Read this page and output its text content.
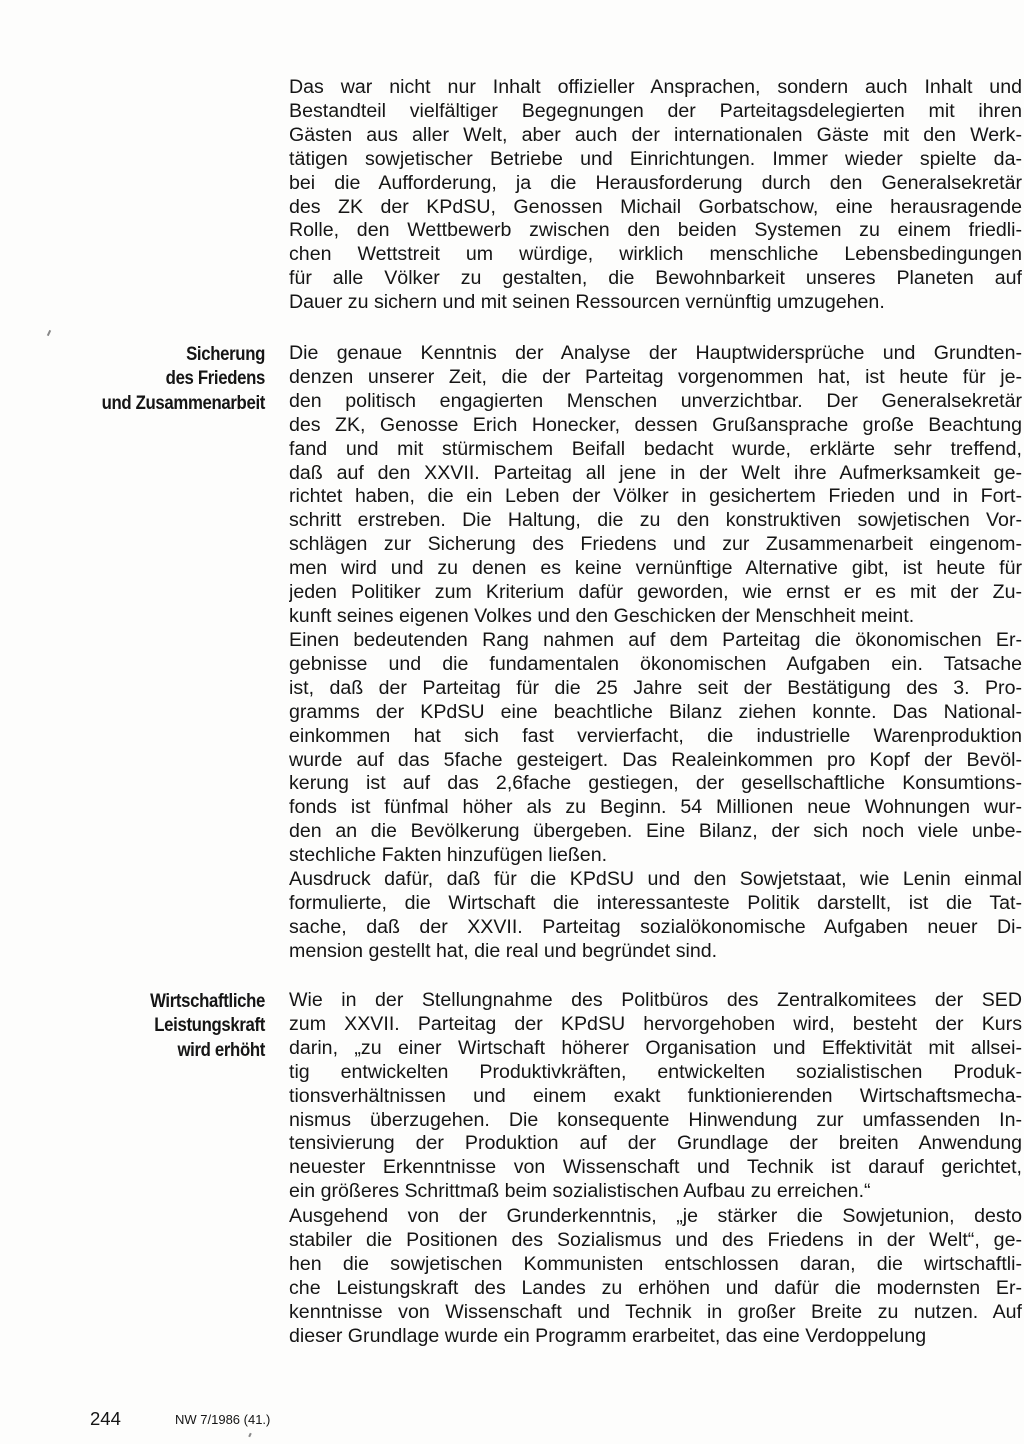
Das war nicht nur Inhalt offizieller Ansprachen, sondern auch Inhalt und
Bestandteil vielfältiger Begegnungen der Parteitagsdelegierten mit ihren
Gästen aus aller Welt, aber auch der internationalen Gäste mit den Werk-
tätigen sowjetischer Betriebe und Einrichtungen. Immer wieder spielte da-
bei die Aufforderung, ja die Herausforderung durch den Generalsekretär
des ZK der KPdSU, Genossen Michail Gorbatschow, eine herausragende
Rolle, den Wettbewerb zwischen den beiden Systemen zu einem friedli-
chen Wettstreit um würdige, wirklich menschliche Lebensbedingungen
für alle Völker zu gestalten, die Bewohnbarkeit unseres Planeten auf
Dauer zu sichern und mit seinen Ressourcen vernünftig umzugehen.

Sicherung
des Friedens
und Zusammenarbeit

Die genaue Kenntnis der Analyse der Hauptwidersprüche und Grundten-
denzen unserer Zeit, die der Parteitag vorgenommen hat, ist heute für je-
den politisch engagierten Menschen unverzichtbar. Der Generalsekretär
des ZK, Genosse Erich Honecker, dessen Grußansprache große Beachtung
fand und mit stürmischem Beifall bedacht wurde, erklärte sehr treffend,
daß auf den XXVII. Parteitag all jene in der Welt ihre Aufmerksamkeit ge-
richtet haben, die ein Leben der Völker in gesichertem Frieden und in Fort-
schritt erstreben. Die Haltung, die zu den konstruktiven sowjetischen Vor-
schlägen zur Sicherung des Friedens und zur Zusammenarbeit eingenom-
men wird und zu denen es keine vernünftige Alternative gibt, ist heute für
jeden Politiker zum Kriterium dafür geworden, wie ernst er es mit der Zu-
kunft seines eigenen Volkes und den Geschicken der Menschheit meint.

Einen bedeutenden Rang nahmen auf dem Parteitag die ökonomischen Er-
gebnisse und die fundamentalen ökonomischen Aufgaben ein. Tatsache
ist, daß der Parteitag für die 25 Jahre seit der Bestätigung des 3. Pro-
gramms der KPdSU eine beachtliche Bilanz ziehen konnte. Das National-
einkommen hat sich fast vervierfacht, die industrielle Warenproduktion
wurde auf das 5fache gesteigert. Das Realeinkommen pro Kopf der Bevöl-
kerung ist auf das 2,6fache gestiegen, der gesellschaftliche Konsumtions-
fonds ist fünfmal höher als zu Beginn. 54 Millionen neue Wohnungen wur-
den an die Bevölkerung übergeben. Eine Bilanz, der sich noch viele unbe-
stechliche Fakten hinzufügen ließen.

Ausdruck dafür, daß für die KPdSU und den Sowjetstaat, wie Lenin einmal
formulierte, die Wirtschaft die interessanteste Politik darstellt, ist die Tat-
sache, daß der XXVII. Parteitag sozialökonomische Aufgaben neuer Di-
mension gestellt hat, die real und begründet sind.

Wirtschaftliche
Leistungskraft
wird erhöht

Wie in der Stellungnahme des Politbüros des Zentralkomitees der SED
zum XXVII. Parteitag der KPdSU hervorgehoben wird, besteht der Kurs
darin, „zu einer Wirtschaft höherer Organisation und Effektivität mit allsei-
tig entwickelten Produktivkräften, entwickelten sozialistischen Produk-
tionsverhältnissen und einem exakt funktionierenden Wirtschaftsmecha-
nismus überzugehen. Die konsequente Hinwendung zur umfassenden In-
tensivierung der Produktion auf der Grundlage der breiten Anwendung
neuester Erkenntnisse von Wissenschaft und Technik ist darauf gerichtet,
ein größeres Schrittmaß beim sozialistischen Aufbau zu erreichen.“

Ausgehend von der Grunderkenntnis, „je stärker die Sowjetunion, desto
stabiler die Positionen des Sozialismus und des Friedens in der Welt“, ge-
hen die sowjetischen Kommunisten entschlossen daran, die wirtschaftli-
che Leistungskraft des Landes zu erhöhen und dafür die modernsten Er-
kenntnisse von Wissenschaft und Technik in großer Breite zu nutzen. Auf
dieser Grundlage wurde ein Programm erarbeitet, das eine Verdoppelung

244	NW 7/1986 (41.)
